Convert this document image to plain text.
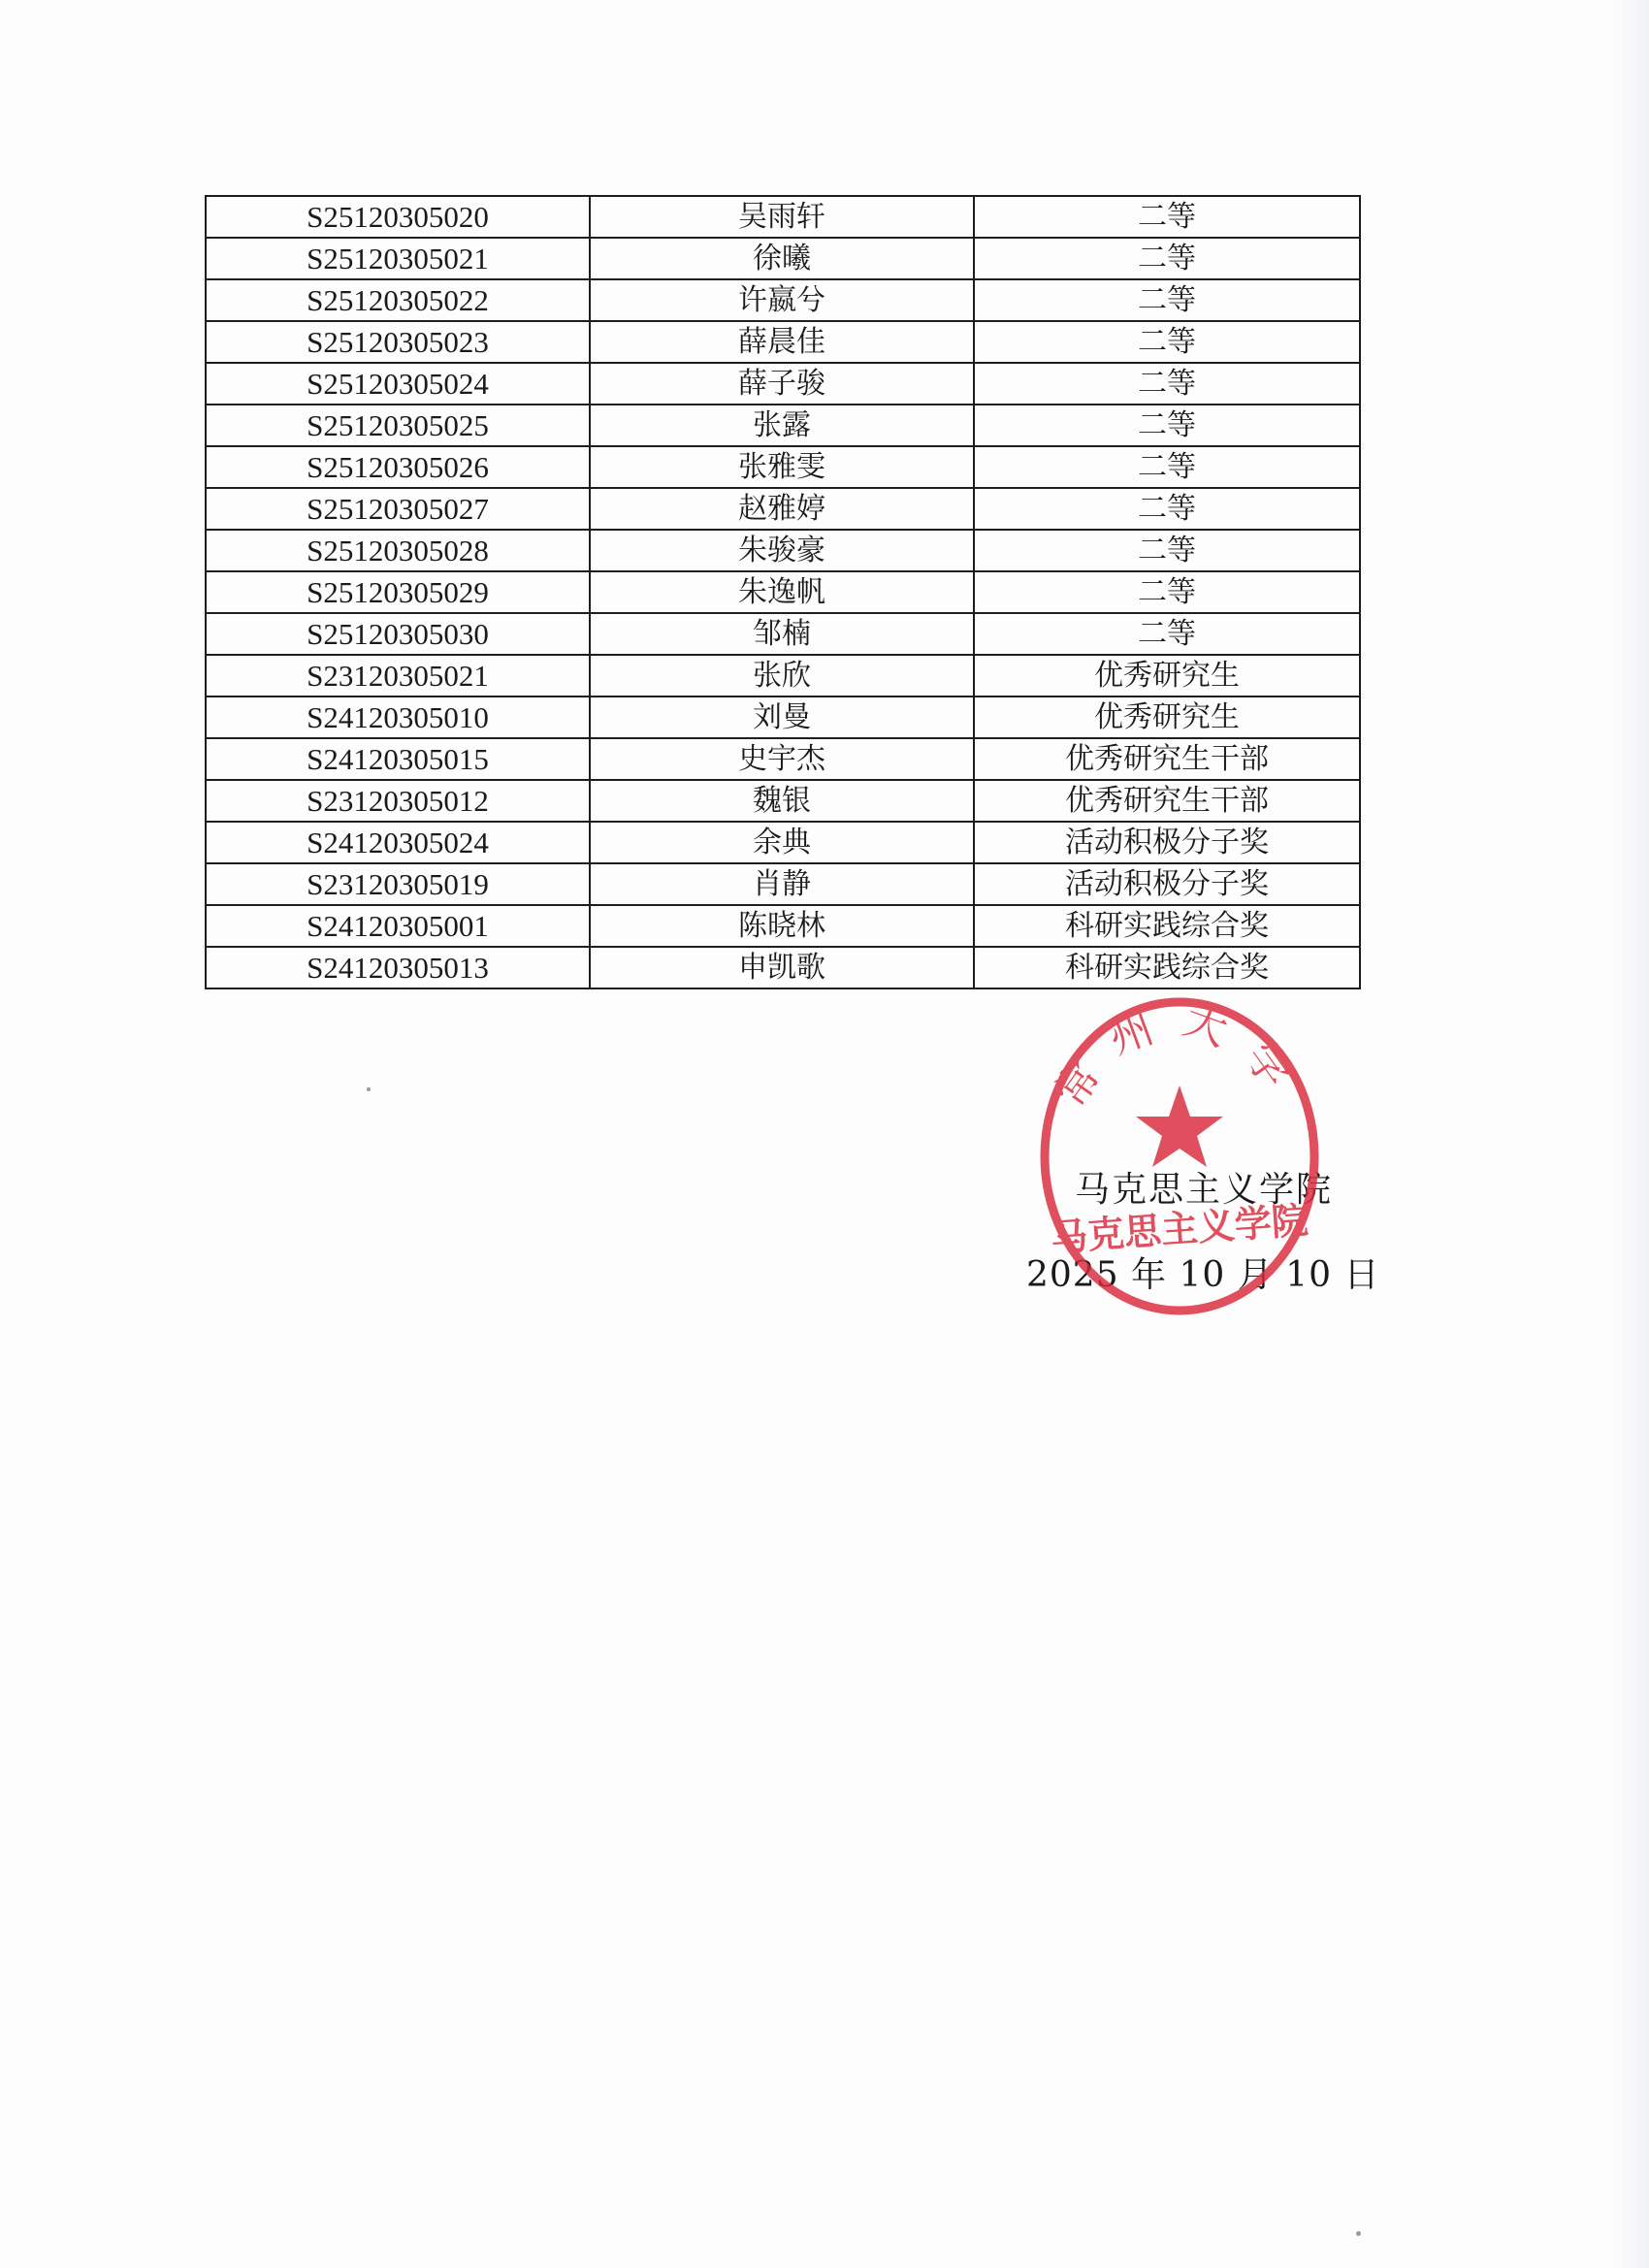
S25120305020	吴雨轩	二等
S25120305021	徐曦	二等
S25120305022	许嬴兮	二等
S25120305023	薛晨佳	二等
S25120305024	薛子骏	二等
S25120305025	张露	二等
S25120305026	张雅雯	二等
S25120305027	赵雅婷	二等
S25120305028	朱骏豪	二等
S25120305029	朱逸帆	二等
S25120305030	邹楠	二等
S23120305021	张欣	优秀研究生
S24120305010	刘曼	优秀研究生
S24120305015	史宇杰	优秀研究生干部
S23120305012	魏银	优秀研究生干部
S24120305024	余典	活动积极分子奖
S23120305019	肖静	活动积极分子奖
S24120305001	陈晓林	科研实践综合奖
S24120305013	申凯歌	科研实践综合奖
马克思主义学院
2025 年 10 月 10 日
常州大学
马克思主义学院
